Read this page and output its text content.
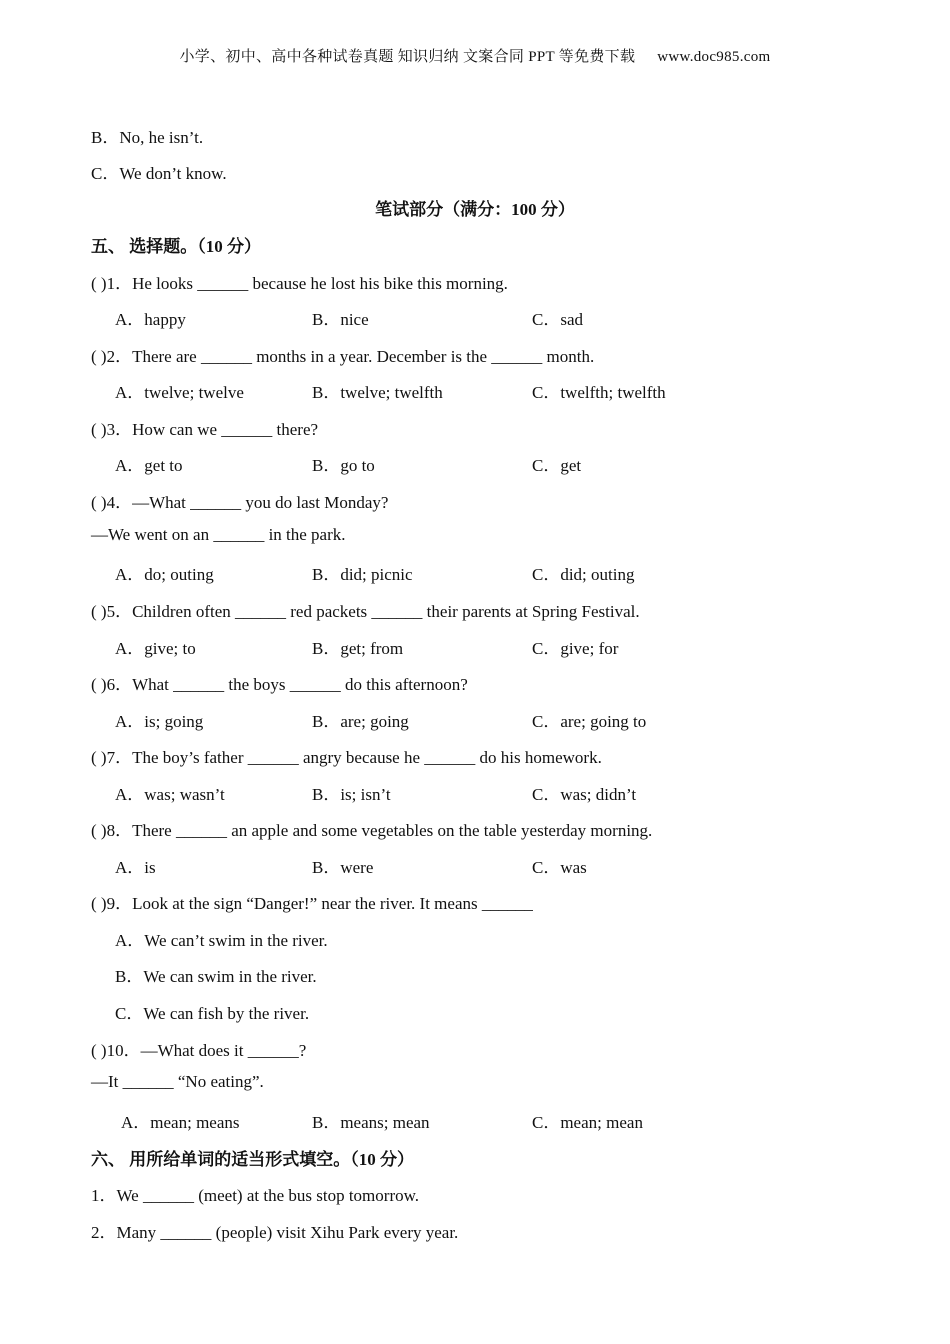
小学、初中、高中各种试卷真题 知识归纳 文案合同 PPT 等免费下载 www.doc985.com
B．No, he isn’t.
C．We don’t know.
笔试部分（满分：100 分）
五、 选择题。（10 分）
( )1．He looks ______ because he lost his bike this morning.
A．happy	B．nice	C．sad
( )2．There are ______ months in a year. December is the ______ month.
A．twelve; twelve	B．twelve; twelfth	C．twelfth; twelfth
( )3．How can we ______ there?
A．get to	B．go to	C．get
( )4．—What ______ you do last Monday?
—We went on an ______ in the park.
A．do; outing	B．did; picnic	C．did; outing
( )5．Children often ______ red packets ______ their parents at Spring Festival.
A．give; to	B．get; from	C．give; for
( )6．What ______ the boys ______ do this afternoon?
A．is; going	B．are; going	C．are; going to
( )7．The boy’s father ______ angry because he ______ do his homework.
A．was; wasn’t	B．is; isn’t	C．was; didn’t
( )8．There ______ an apple and some vegetables on the table yesterday morning.
A．is	B．were	C．was
( )9．Look at the sign “Danger!” near the river. It means ______
A．We can’t swim in the river.
B．We can swim in the river.
C．We can fish by the river.
( )10．—What does it ______?
—It ______ “No eating”.
A．mean; means	B．means; mean	C．mean; mean
六、 用所给单词的适当形式填空。（10 分）
1．We ______ (meet) at the bus stop tomorrow.
2．Many ______ (people) visit Xihu Park every year.
